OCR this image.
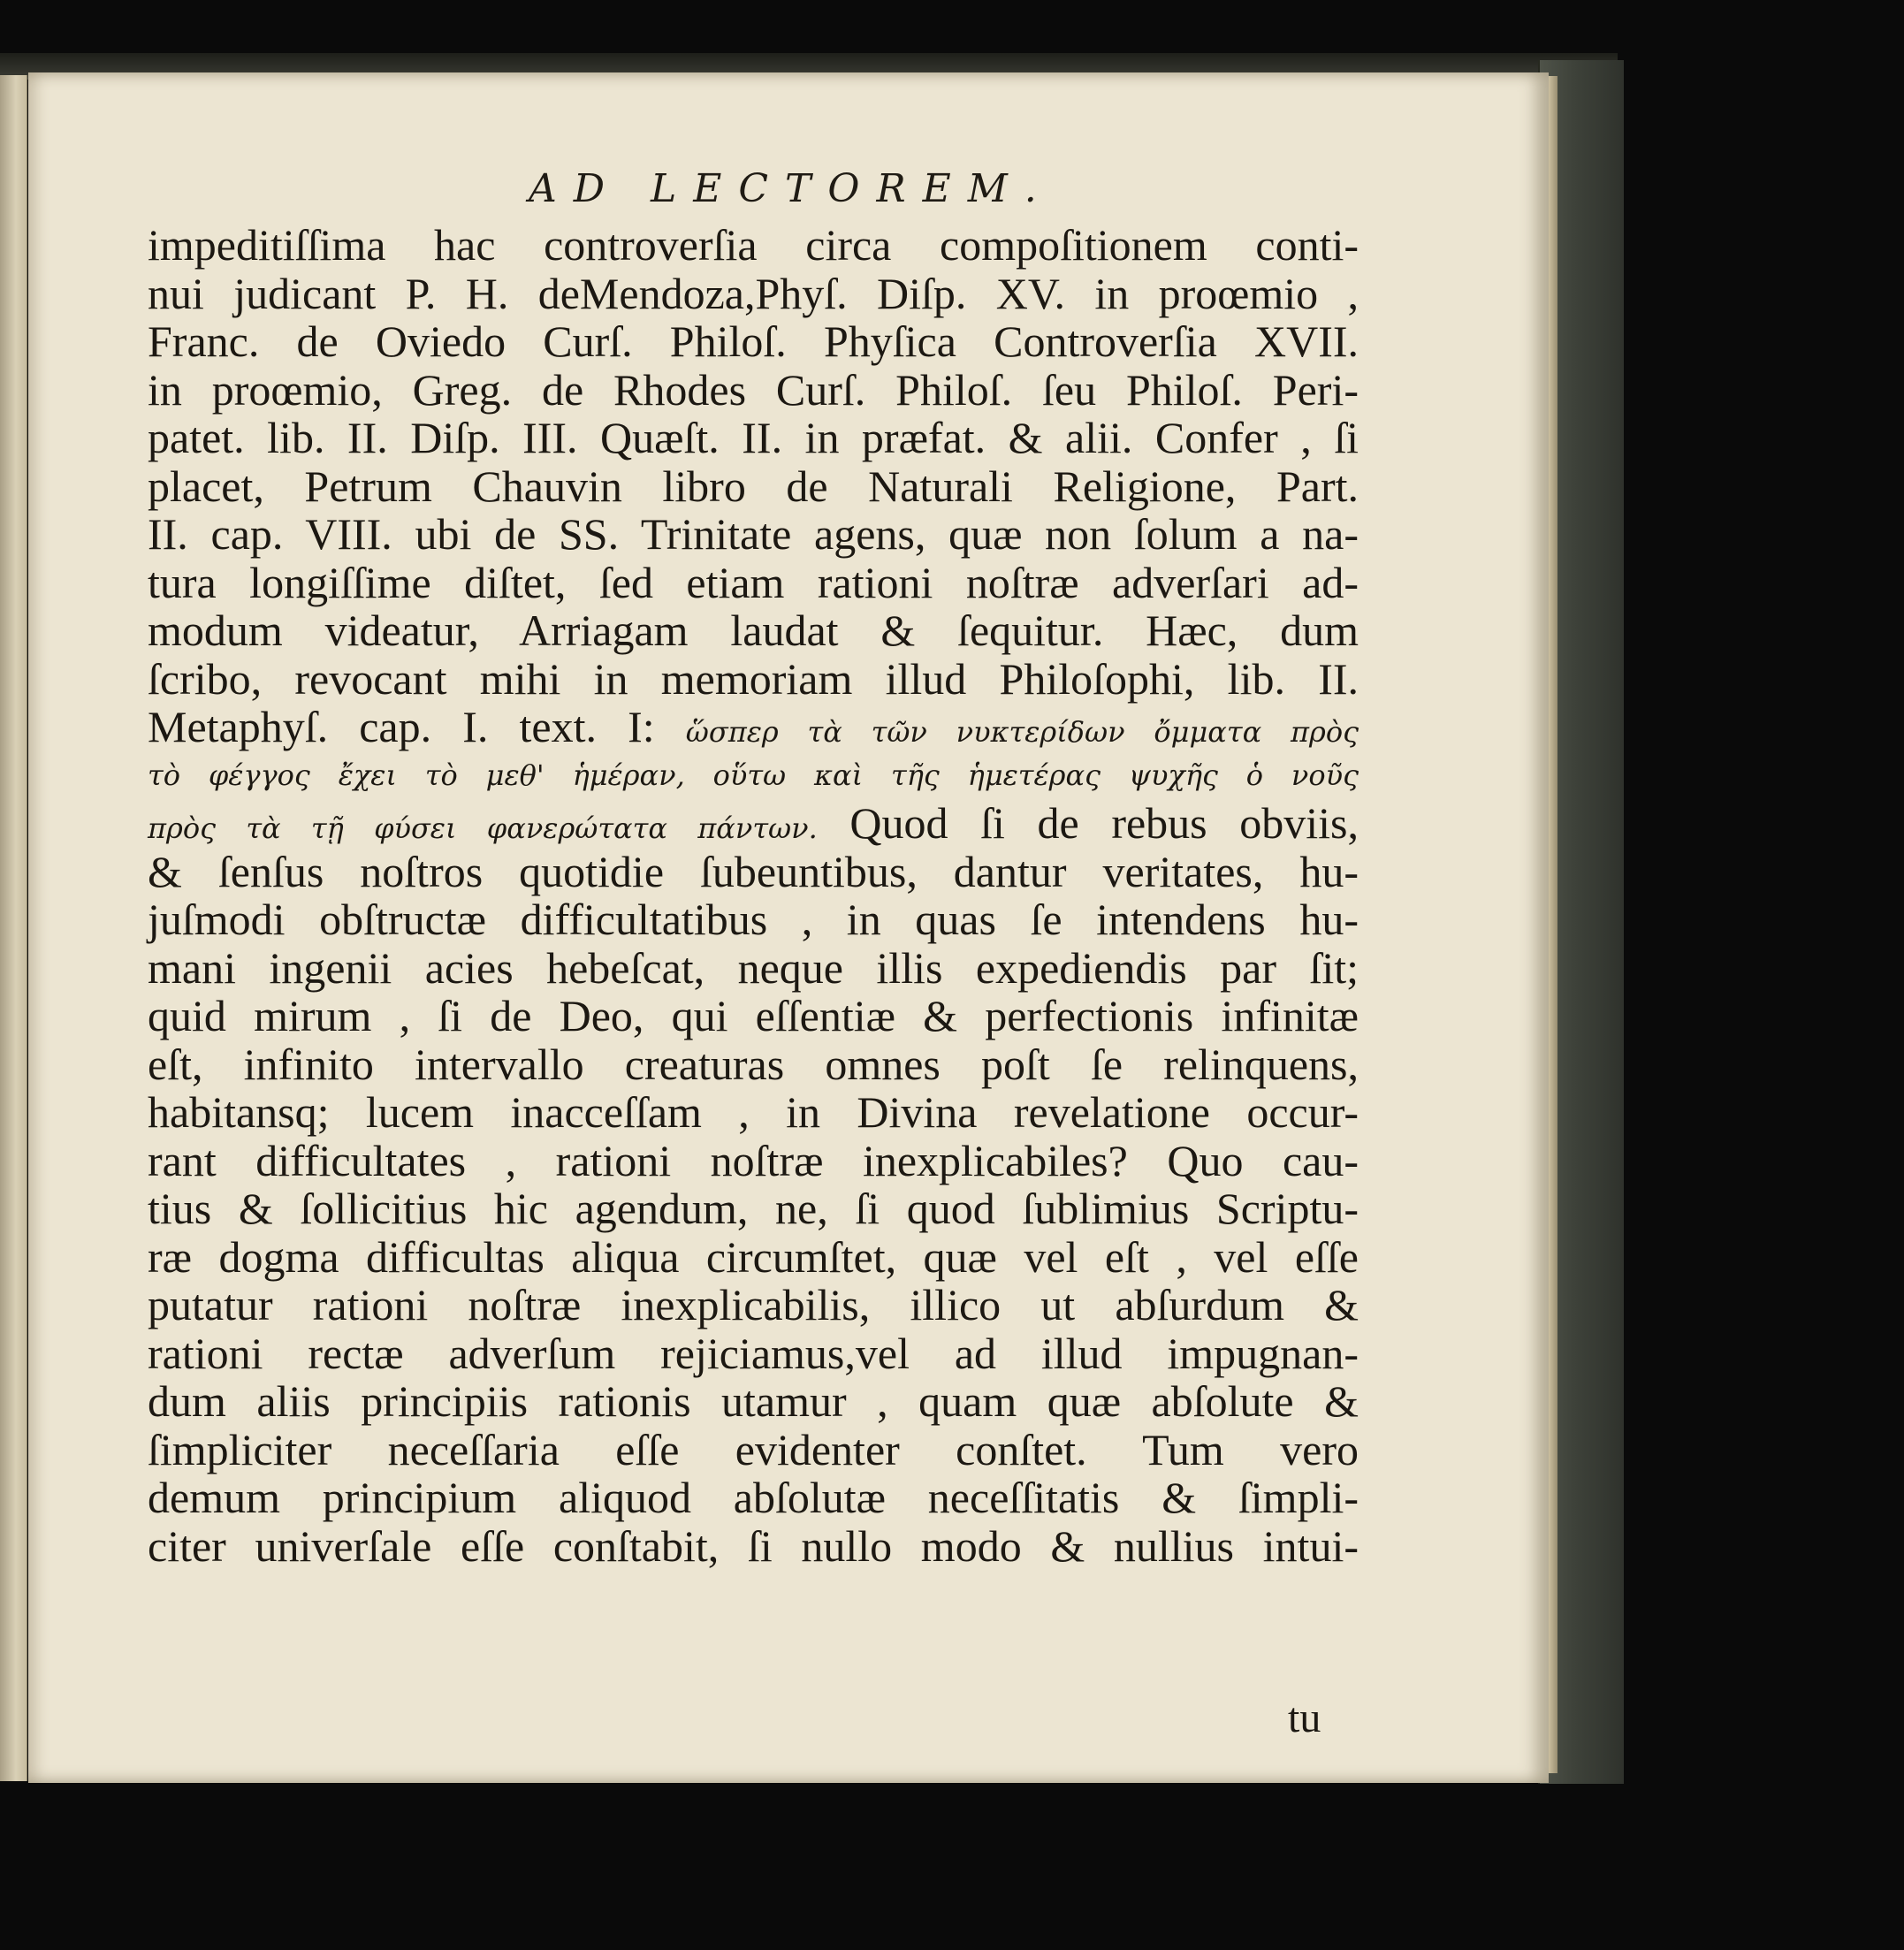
AD LECTOREM.
impeditiſſima hac controverſia circa compoſitionem conti-
nui judicant P. H. deMendoza,Phyſ. Diſp. XV. in proœmio ,
Franc. de Oviedo Curſ. Philoſ. Phyſica Controverſia XVII.
in proœmio, Greg. de Rhodes Curſ. Philoſ. ſeu Philoſ. Peri-
patet. lib. II. Diſp. III. Quæſt. II. in præfat. & alii. Confer , ſi
placet, Petrum Chauvin libro de Naturali Religione, Part.
II. cap. VIII. ubi de SS. Trinitate agens, quæ non ſolum a na-
tura longiſſime diſtet, ſed etiam rationi noſtræ adverſari ad-
modum videatur, Arriagam laudat & ſequitur. Hæc, dum
ſcribo, revocant mihi in memoriam illud Philoſophi, lib. II.
Metaphyſ. cap. I. text. I: ὥσπερ τὰ τῶν νυκτερίδων ὄμματα πρὸς
τὸ φέγγος ἔχει τὸ μεθ' ἡμέραν, οὕτω καὶ τῆς ἡμετέρας ψυχῆς ὁ νοῦς
πρὸς τὰ τῇ φύσει φανερώτατα πάντων. Quod ſi de rebus obviis,
& ſenſus noſtros quotidie ſubeuntibus, dantur veritates, hu-
juſmodi obſtructæ difficultatibus , in quas ſe intendens hu-
mani ingenii acies hebeſcat, neque illis expediendis par ſit;
quid mirum , ſi de Deo, qui eſſentiæ & perfectionis infinitæ
eſt, infinito intervallo creaturas omnes poſt ſe relinquens,
habitansq; lucem inacceſſam , in Divina revelatione occur-
rant difficultates , rationi noſtræ inexplicabiles? Quo cau-
tius & ſollicitius hic agendum, ne, ſi quod ſublimius Scriptu-
ræ dogma difficultas aliqua circumſtet, quæ vel eſt , vel eſſe
putatur rationi noſtræ inexplicabilis, illico ut abſurdum &
rationi rectæ adverſum rejiciamus,vel ad illud impugnan-
dum aliis principiis rationis utamur , quam quæ abſolute &
ſimpliciter neceſſaria eſſe evidenter conſtet. Tum vero
demum principium aliquod abſolutæ neceſſitatis & ſimpli-
citer univerſale eſſe conſtabit, ſi nullo modo & nullius intui-
tu
